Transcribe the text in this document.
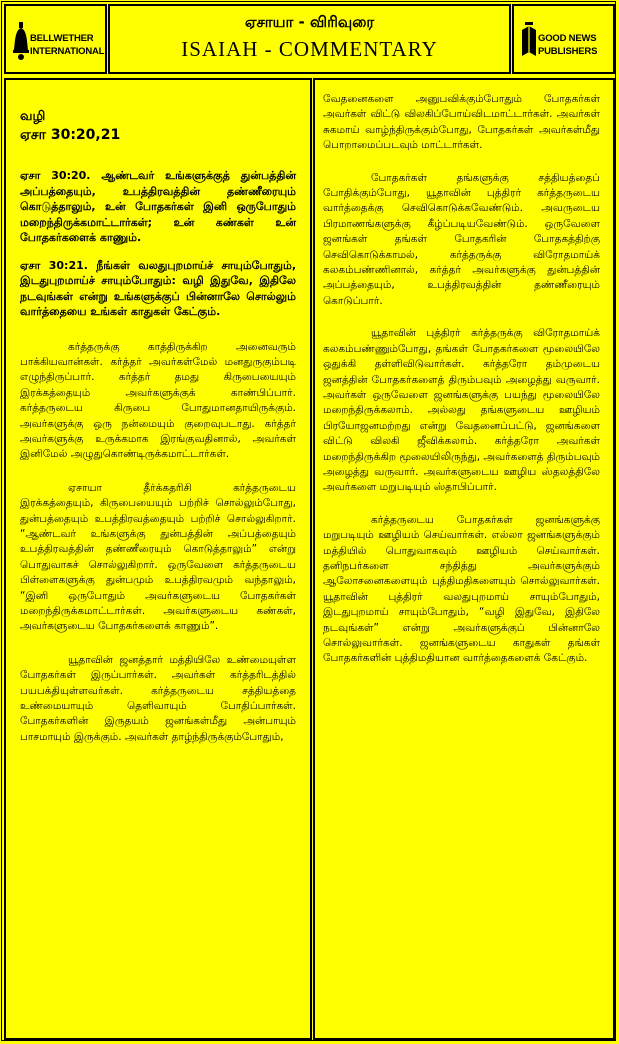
BELLWETHER
INTERNATIONAL
ஏசாயா - விரிவுரை
ISAIAH - COMMENTARY	GOOD NEWS
PUBLISHERS

வழி

ஏசா 30:20,21

ஏசா 30:20. ஆண்டவர் உங்களுக்குத் துன்பத்தின் அப்பத்தையும், உபத்திரவத்தின் தண்ணீரையும் கொடுத்தாலும், உன் போதகர்கள் இனி ஒருபோதும் மறைந்திருக்கமாட்டார்கள்; உன் கண்கள் உன் போதகர்களைக் காணும்.

ஏசா 30:21. நீங்கள் வலதுபுறமாய்ச் சாயும்போதும், இடதுபுறமாய்ச் சாயும்போதும்: வழி இதுவே, இதிலே நடவுங்கள் என்று உங்களுக்குப் பின்னாலே சொல்லும் வார்த்தையை உங்கள் காதுகள் கேட்கும்.

கர்த்தருக்கு காத்திருக்கிற அனைவரும் பாக்கியவான்கள். கர்த்தர் அவர்கள்மேல் மனதுருகும்படி எழுந்திருப்பார். கர்த்தர் தமது கிருபையையும் இரக்கத்தையும் அவர்களுக்குக் காண்பிப்பார். கர்த்தருடைய கிருபை போதுமானதாயிருக்கும். அவர்களுக்கு ஒரு நன்மையும் குறைவுபடாது. கர்த்தர் அவர்களுக்கு உருக்கமாக இரங்குவதினால், அவர்கள் இனிமேல் அழுதுகொண்டிருக்கமாட்டார்கள்.

ஏசாயா தீர்க்கதரிசி கர்த்தருடைய இரக்கத்தையும், கிருபையையும் பற்றிச் சொல்லும்போது, துன்பத்தையும் உபத்திரவத்தையும் பற்றிச் சொல்லுகிறார். “ஆண்டவர் உங்களுக்கு துன்பத்தின் அப்பத்தையும் உபத்திரவத்தின் தண்ணீரையும் கொடுத்தாலும்” என்று பொதுவாகச் சொல்லுகிறார். ஒருவேளை கர்த்தருடைய பிள்ளைகளுக்கு துன்பமும் உபத்திரவமும் வந்தாலும், “இனி ஒருபோதும் அவர்களுடைய போதகர்கள் மறைந்திருக்கமாட்டார்கள். அவர்களுடைய கண்கள், அவர்களுடைய போதகர்களைக் காணும்”.

யூதாவின் ஜனத்தார் மத்தியிலே உண்மையுள்ள போதகர்கள் இருப்பார்கள். அவர்கள் கர்த்தரிடத்தில் பயபக்தியுள்ளவர்கள். கர்த்தருடைய சத்தியத்தை உண்மையாயும் தெளிவாயும் போதிப்பார்கள். போதகர்களின் இருதயம் ஜனங்கள்மீது அன்பாயும் பாசமாயும் இருக்கும். அவர்கள் தாழ்ந்திருக்கும்போதும்,

வேதனைகளை அனுபவிக்கும்போதும் போதகர்கள் அவர்கள் விட்டு விலகிப்போய்விடமாட்டார்கள். அவர்கள் சுகமாய் வாழ்ந்திருக்கும்போது, போதகர்கள் அவர்கள்மீது பொறாமைப்படவும் மாட்டார்கள்.

போதகர்கள் தங்களுக்கு சத்தியத்தைப் போதிக்கும்போது, யூதாவின் புத்திரர் கர்த்தருடைய வார்த்தைக்கு செவிகொடுக்கவேண்டும். அவருடைய பிரமாணங்களுக்கு கீழ்ப்படியவேண்டும். ஒருவேளை ஜனங்கள் தங்கள் போதகரின் போதகத்திற்கு செவிகொடுக்காமல், கர்த்தருக்கு விரோதமாய்க் கலகம்பண்ணினால், கர்த்தர் அவர்களுக்கு துன்பத்தின் அப்பத்தையும், உபத்திரவத்தின் தண்ணீரையும் கொடுப்பார்.

யூதாவின் புத்திரர் கர்த்தருக்கு விரோதமாய்க் கலகம்பண்ணும்போது, தங்கள் போதகர்களை மூலையிலே ஒதுக்கி தள்ளிவிடுவார்கள். கர்த்தரோ தம்முடைய ஜனத்தின் போதகர்களைத் திரும்பவும் அழைத்து வருவார். அவர்கள் ஒருவேளை ஜனங்களுக்கு பயந்து மூலையிலே மறைந்திருக்கலாம். அல்லது தங்களுடைய ஊழியம் பிரயோஜனமற்றது என்று வேதனைப்பட்டு, ஜனங்களை விட்டு விலகி ஜீவிக்கலாம். கர்த்தரோ அவர்கள் மறைந்திருக்கிற மூலையிலிருந்து, அவர்களைத் திரும்பவும் அழைத்து வருவார். அவர்களுடைய ஊழிய ஸ்தலத்திலே அவர்களை மறுபடியும் ஸ்தாபிப்பார்.

கர்த்தருடைய போதகர்கள் ஜனங்களுக்கு மறுபடியும் ஊழியம் செய்வார்கள். எல்லா ஜனங்களுக்கும் மத்தியில் பொதுவாகவும் ஊழியம் செய்வார்கள். தனிநபர்களை சந்தித்து அவர்களுக்கும் ஆலோசனைகளையும் புத்திமதிகளையும் சொல்லுவார்கள். யூதாவின் புத்திரர் வலதுபுறமாய் சாயும்போதும், இடதுபுறமாய் சாயும்போதும், “வழி இதுவே, இதிலே நடவுங்கள்” என்று அவர்களுக்குப் பின்னாலே சொல்லுவார்கள். ஜனங்களுடைய காதுகள் தங்கள் போதகர்களின் புத்திமதியான வார்த்தைகளைக் கேட்கும்.
